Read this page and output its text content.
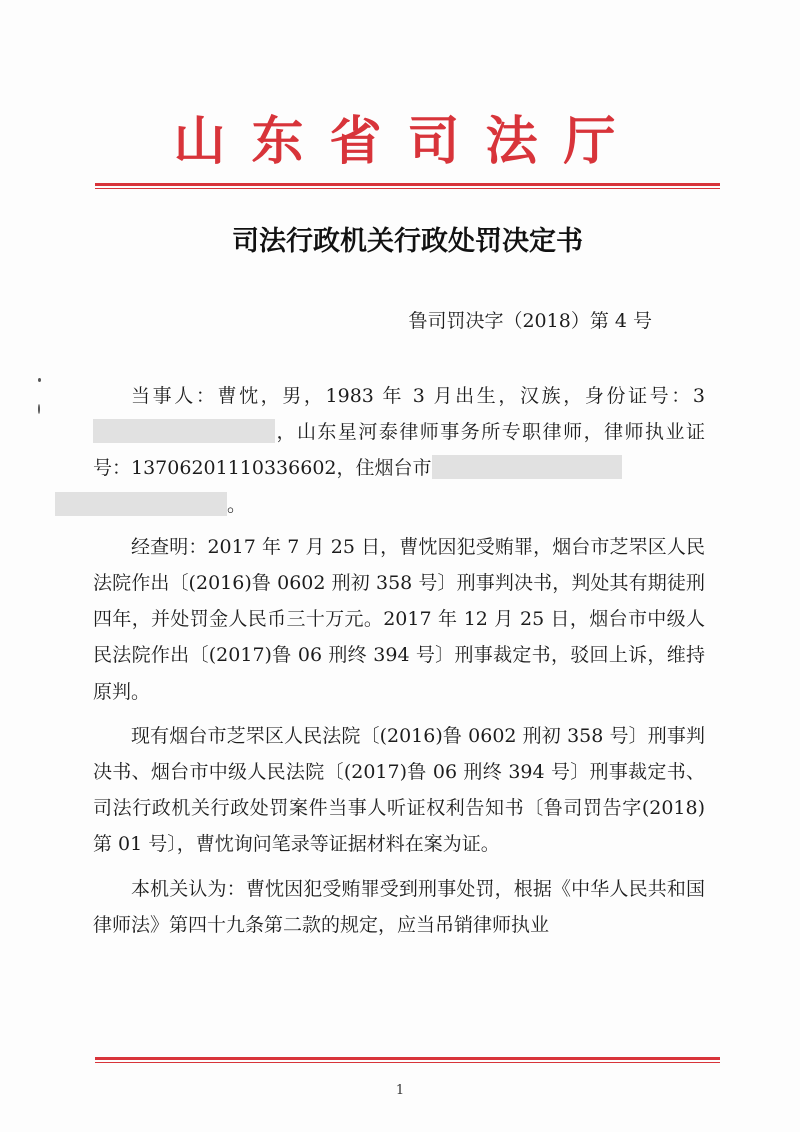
山东省司法厅
司法行政机关行政处罚决定书
鲁司罚决字（2018）第 4 号

当事人：曹忱，男，1983 年 3 月出生，汉族，身份证号：3，山东星河泰律师事务所专职律师，律师执业证号：13706201110336602，住烟台市
。

经查明：2017 年 7 月 25 日，曹忱因犯受贿罪，烟台市芝罘区人民法院作出〔(2016)鲁 0602 刑初 358 号〕刑事判决书，判处其有期徒刑四年，并处罚金人民币三十万元。2017 年 12 月 25 日，烟台市中级人民法院作出〔(2017)鲁 06 刑终 394 号〕刑事裁定书，驳回上诉，维持原判。

现有烟台市芝罘区人民法院〔(2016)鲁 0602 刑初 358 号〕刑事判决书、烟台市中级人民法院〔(2017)鲁 06 刑终 394 号〕刑事裁定书、司法行政机关行政处罚案件当事人听证权利告知书〔鲁司罚告字(2018)第 01 号〕，曹忱询问笔录等证据材料在案为证。

本机关认为：曹忱因犯受贿罪受到刑事处罚，根据《中华人民共和国律师法》第四十九条第二款的规定，应当吊销律师执业

1
